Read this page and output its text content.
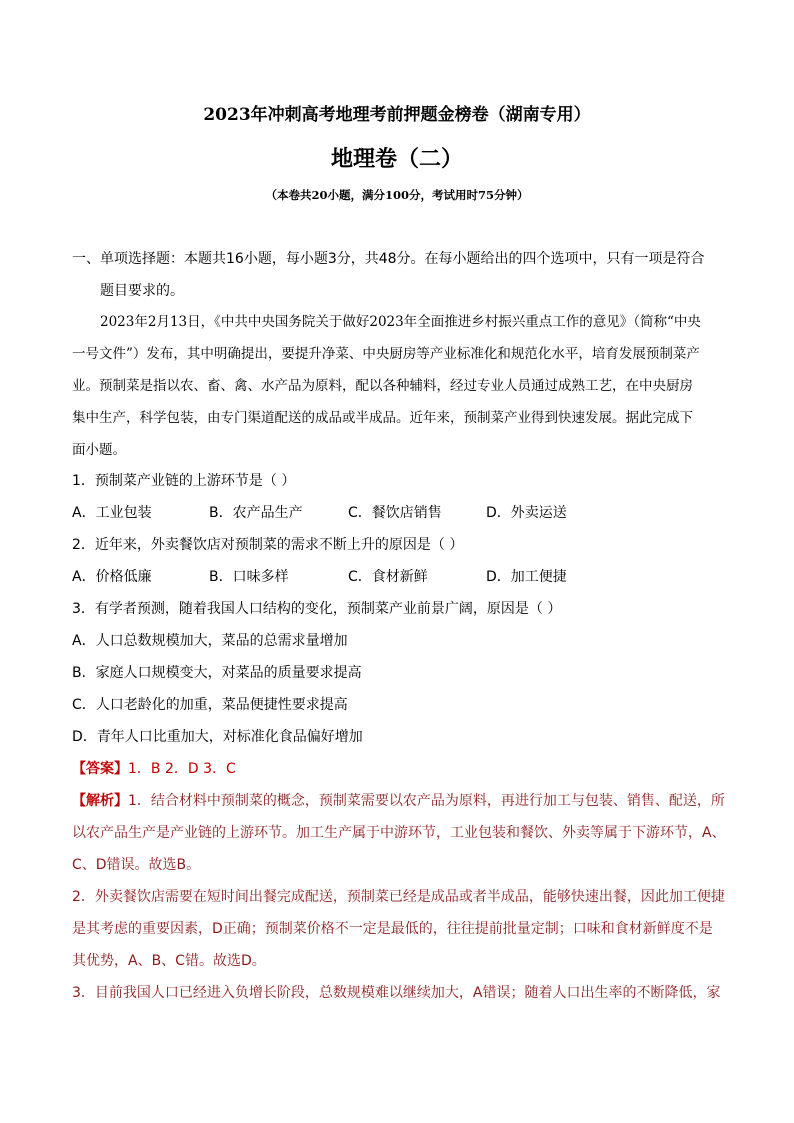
2023年冲刺高考地理考前押题金榜卷（湖南专用）
地理卷（二）
（本卷共20小题，满分100分，考试用时75分钟）
一、单项选择题：本题共16小题，每小题3分，共48分。在每小题给出的四个选项中，只有一项是符合
题目要求的。
2023年2月13日，《中共中央国务院关于做好2023年全面推进乡村振兴重点工作的意见》（简称“中央
一号文件”）发布，其中明确提出，要提升净菜、中央厨房等产业标准化和规范化水平，培育发展预制菜产
业。预制菜是指以农、畜、禽、水产品为原料，配以各种辅料，经过专业人员通过成熟工艺，在中央厨房
集中生产，科学包装，由专门渠道配送的成品或半成品。近年来，预制菜产业得到快速发展。据此完成下
面小题。
1．预制菜产业链的上游环节是（ ）
A．工业包装	B．农产品生产	C．餐饮店销售	D．外卖运送
2．近年来，外卖餐饮店对预制菜的需求不断上升的原因是（ ）
A．价格低廉	B．口味多样	C．食材新鲜	D．加工便捷
3．有学者预测，随着我国人口结构的变化，预制菜产业前景广阔，原因是（ ）
A．人口总数规模加大，菜品的总需求量增加
B．家庭人口规模变大，对菜品的质量要求提高
C．人口老龄化的加重，菜品便捷性要求提高
D．青年人口比重加大，对标准化食品偏好增加
【答案】1．B 2．D 3．C
【解析】1．结合材料中预制菜的概念，预制菜需要以农产品为原料，再进行加工与包装、销售、配送，所
以农产品生产是产业链的上游环节。加工生产属于中游环节，工业包装和餐饮、外卖等属于下游环节，A、
C、D错误。故选B。
2．外卖餐饮店需要在短时间出餐完成配送，预制菜已经是成品或者半成品，能够快速出餐，因此加工便捷
是其考虑的重要因素，D正确；预制菜价格不一定是最低的，往往提前批量定制；口味和食材新鲜度不是
其优势，A、B、C错。故选D。
3．目前我国人口已经进入负增长阶段，总数规模难以继续加大，A错误；随着人口出生率的不断降低，家
